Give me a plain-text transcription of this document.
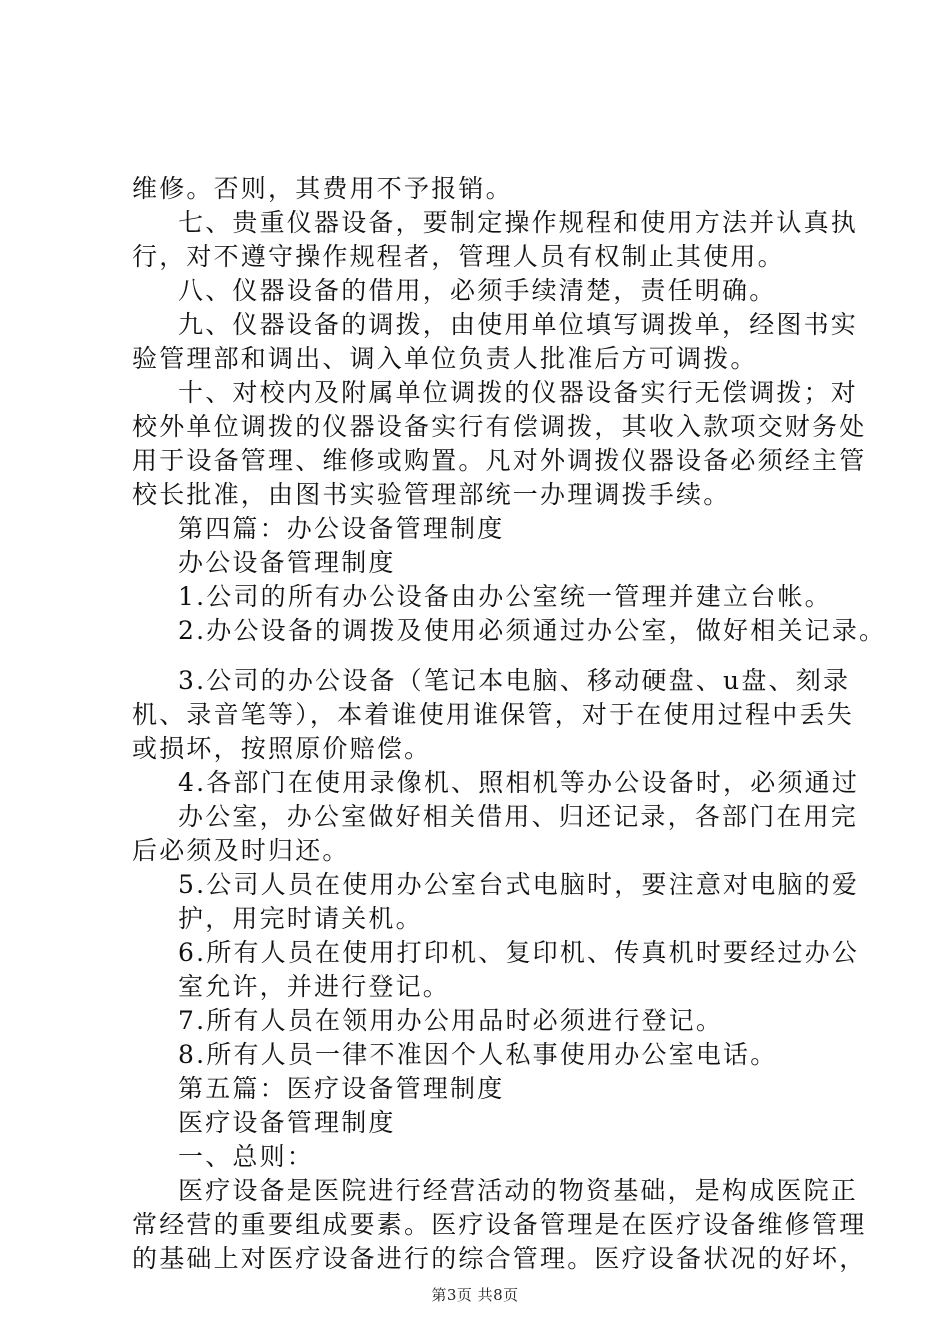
维修。否则，其费用不予报销。
七、贵重仪器设备，要制定操作规程和使用方法并认真执
行，对不遵守操作规程者，管理人员有权制止其使用。
八、仪器设备的借用，必须手续清楚，责任明确。
九、仪器设备的调拨，由使用单位填写调拨单，经图书实
验管理部和调出、调入单位负责人批准后方可调拨。
十、对校内及附属单位调拨的仪器设备实行无偿调拨；对
校外单位调拨的仪器设备实行有偿调拨，其收入款项交财务处
用于设备管理、维修或购置。凡对外调拨仪器设备必须经主管
校长批准，由图书实验管理部统一办理调拨手续。
第四篇：办公设备管理制度
办公设备管理制度
1.公司的所有办公设备由办公室统一管理并建立台帐。
2.办公设备的调拨及使用必须通过办公室，做好相关记录。
3.公司的办公设备（笔记本电脑、移动硬盘、u盘、刻录
机、录音笔等），本着谁使用谁保管，对于在使用过程中丢失
或损坏，按照原价赔偿。
4.各部门在使用录像机、照相机等办公设备时，必须通过
办公室，办公室做好相关借用、归还记录，各部门在用完
后必须及时归还。
5.公司人员在使用办公室台式电脑时，要注意对电脑的爱
护，用完时请关机。
6.所有人员在使用打印机、复印机、传真机时要经过办公
室允许，并进行登记。
7.所有人员在领用办公用品时必须进行登记。
8.所有人员一律不准因个人私事使用办公室电话。
第五篇：医疗设备管理制度
医疗设备管理制度
一、总则：
医疗设备是医院进行经营活动的物资基础，是构成医院正
常经营的重要组成要素。医疗设备管理是在医疗设备维修管理
的基础上对医疗设备进行的综合管理。医疗设备状况的好坏，
第3页 共8页
